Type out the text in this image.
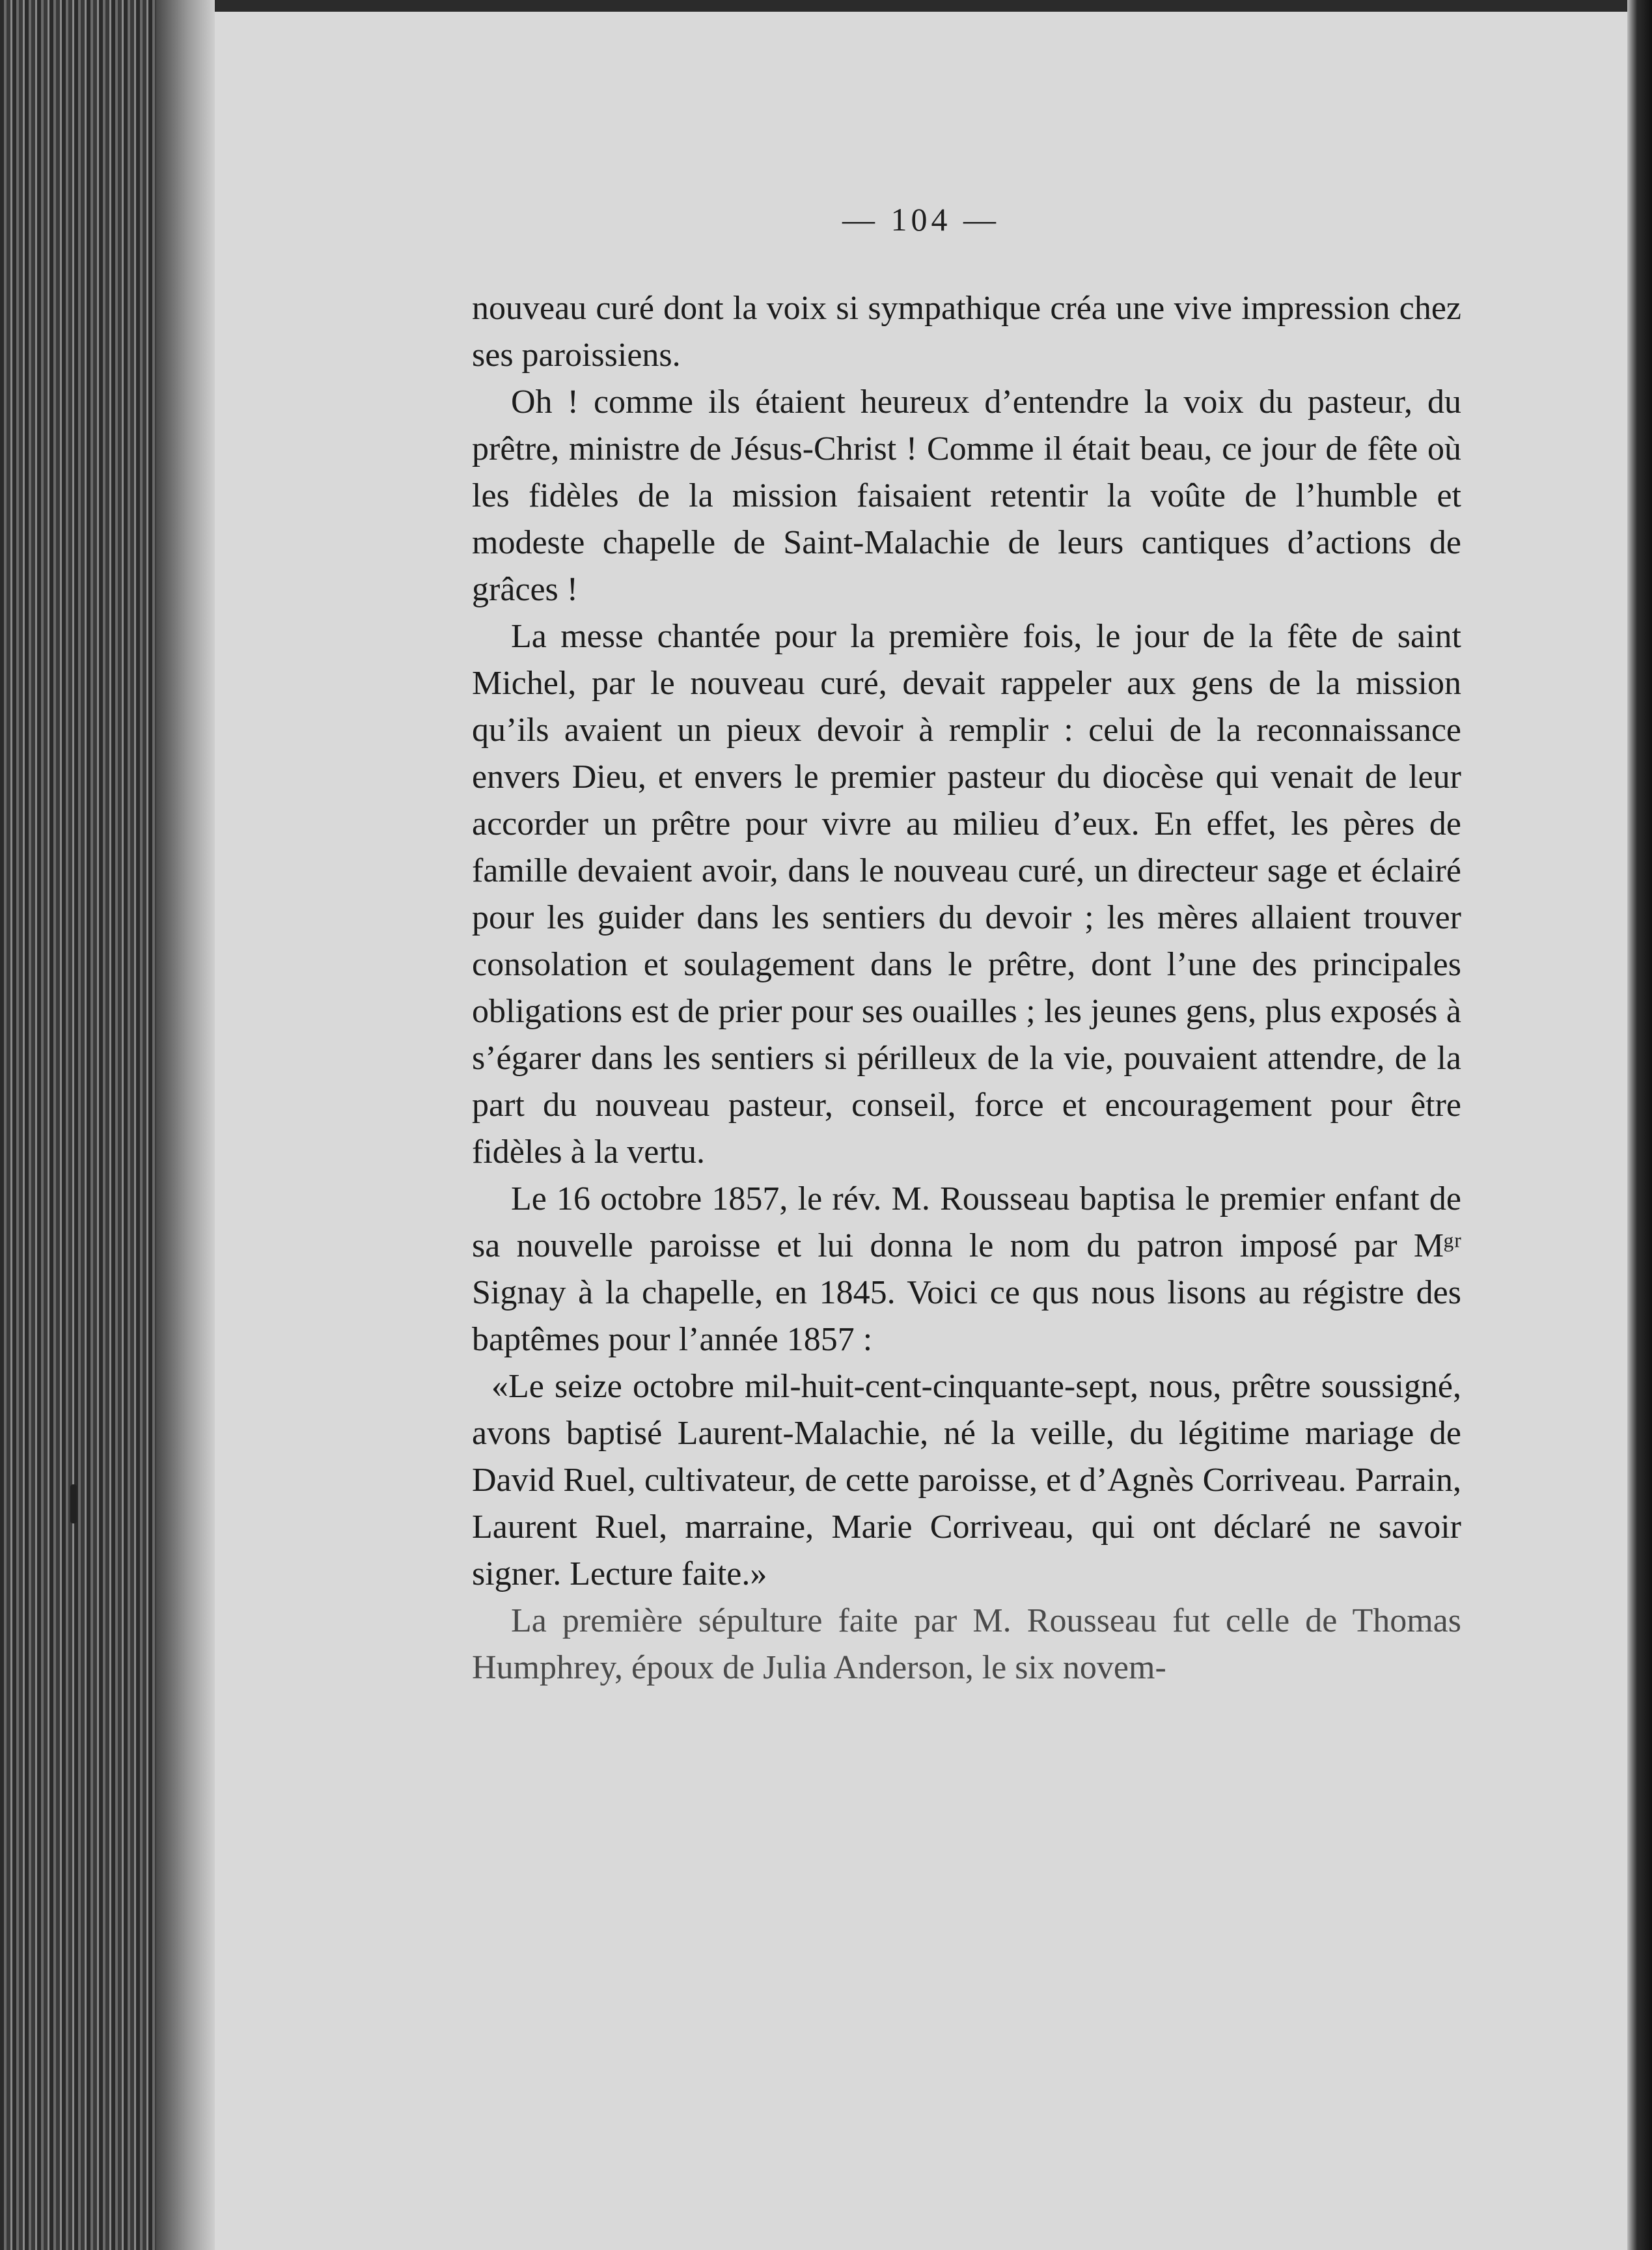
— 104 —

nouveau curé dont la voix si sympathique créa une vive impression chez ses paroissiens.

Oh ! comme ils étaient heureux d’entendre la voix du pasteur, du prêtre, ministre de Jésus-Christ ! Comme il était beau, ce jour de fête où les fidèles de la mission faisaient retentir la voûte de l’humble et modeste chapelle de Saint-Malachie de leurs cantiques d’actions de grâces !

La messe chantée pour la première fois, le jour de la fête de saint Michel, par le nouveau curé, devait rappeler aux gens de la mission qu’ils avaient un pieux devoir à remplir : celui de la reconnaissance envers Dieu, et envers le premier pasteur du diocèse qui venait de leur accorder un prêtre pour vivre au milieu d’eux. En effet, les pères de famille devaient avoir, dans le nouveau curé, un directeur sage et éclairé pour les guider dans les sentiers du devoir ; les mères allaient trouver consolation et soulagement dans le prêtre, dont l’une des principales obligations est de prier pour ses ouailles ; les jeunes gens, plus exposés à s’égarer dans les sentiers si périlleux de la vie, pouvaient attendre, de la part du nouveau pasteur, conseil, force et encouragement pour être fidèles à la vertu.

Le 16 octobre 1857, le rév. M. Rousseau baptisa le premier enfant de sa nouvelle paroisse et lui donna le nom du patron imposé par Mᵍʳ Signay à la chapelle, en 1845. Voici ce qus nous lisons au régistre des baptêmes pour l’année 1857 :

«Le seize octobre mil-huit-cent-cinquante-sept, nous, prêtre soussigné, avons baptisé Laurent-Malachie, né la veille, du légitime mariage de David Ruel, cultivateur, de cette paroisse, et d’Agnès Corriveau. Parrain, Laurent Ruel, marraine, Marie Corriveau, qui ont déclaré ne savoir signer. Lecture faite.»

La première sépulture faite par M. Rousseau fut celle de Thomas Humphrey, époux de Julia Anderson, le six novem-
